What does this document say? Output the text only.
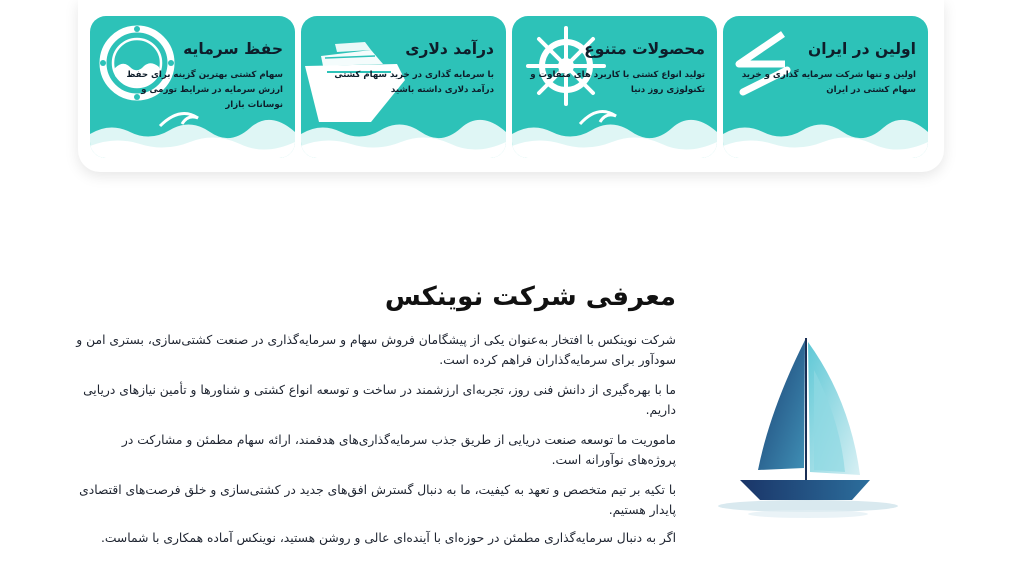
حفظ سرمایه
سهام کشتی بهترین گزینه برای حفظ ارزش سرمایه در شرایط تورمی و نوسانات بازار
درآمد دلاری
با سرمایه گذاری در خرید سهام کشتی درآمد دلاری داشته باشید
محصولات متنوع
تولید انواع کشتی با کاربرد های متفاوت و تکنولوژی روز دنیا
اولین در ایران
اولین و تنها شرکت سرمایه گذاری و خرید سهام کشتی در ایران
معرفی شرکت نوینکس

شرکت نوینکس با افتخار به‌عنوان یکی از پیشگامان فروش سهام و سرمایه‌گذاری در صنعت کشتی‌سازی، بستری امن و سودآور برای سرمایه‌گذاران فراهم کرده است.

ما با بهره‌گیری از دانش فنی روز، تجربه‌ای ارزشمند در ساخت و توسعه انواع کشتی و شناورها و تأمین نیازهای دریایی داریم.

ماموریت ما توسعه صنعت دریایی از طریق جذب سرمایه‌گذاری‌های هدفمند، ارائه سهام مطمئن و مشارکت در پروژه‌های نوآورانه است.

با تکیه بر تیم متخصص و تعهد به کیفیت، ما به دنبال گسترش افق‌های جدید در کشتی‌سازی و خلق فرصت‌های اقتصادی پایدار هستیم.

اگر به دنبال سرمایه‌گذاری مطمئن در حوزه‌ای با آینده‌ای عالی و روشن هستید، نوینکس آماده همکاری با شماست.
